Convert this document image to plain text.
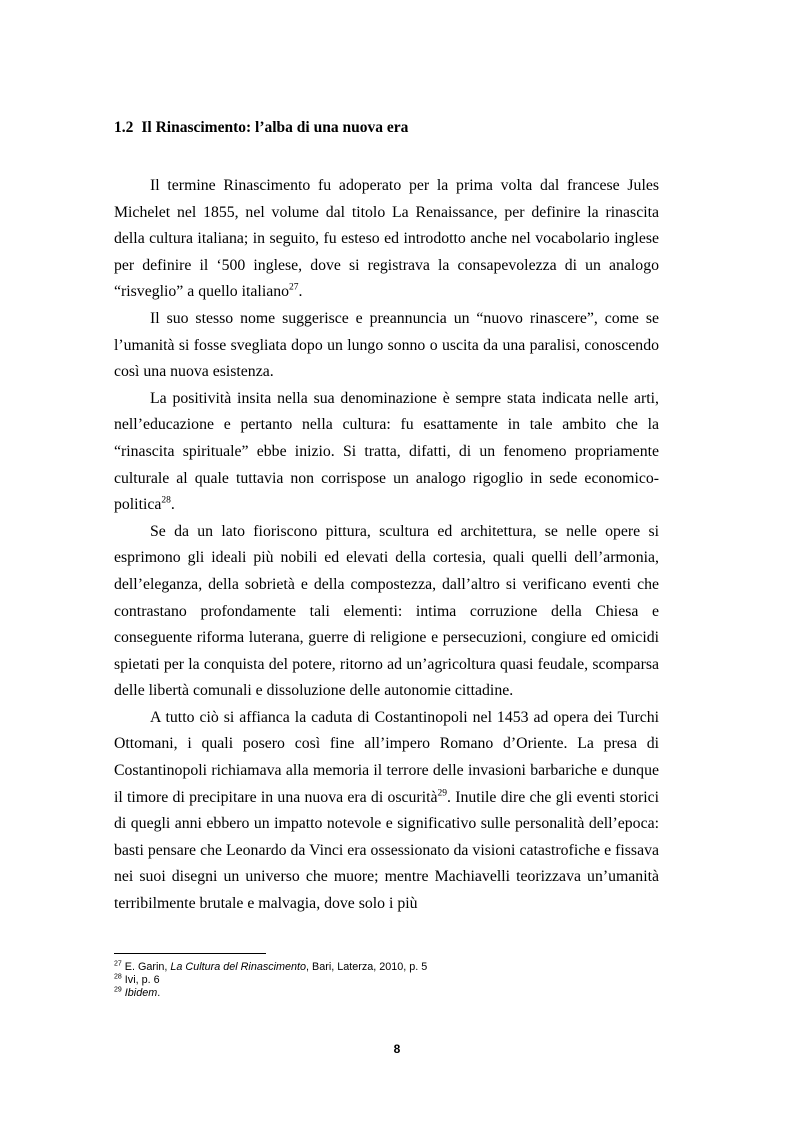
1.2 Il Rinascimento: l’alba di una nuova era

Il termine Rinascimento fu adoperato per la prima volta dal francese Jules Michelet nel 1855, nel volume dal titolo La Renaissance, per definire la rinascita della cultura italiana; in seguito, fu esteso ed introdotto anche nel vocabolario inglese per definire il ‘500 inglese, dove si registrava la consapevolezza di un analogo “risveglio” a quello italiano$^{27}$.

Il suo stesso nome suggerisce e preannuncia un “nuovo rinascere”, come se l’umanità si fosse svegliata dopo un lungo sonno o uscita da una paralisi, conoscendo così una nuova esistenza.

La positività insita nella sua denominazione è sempre stata indicata nelle arti, nell’educazione e pertanto nella cultura: fu esattamente in tale ambito che la “rinascita spirituale” ebbe inizio. Si tratta, difatti, di un fenomeno propriamente culturale al quale tuttavia non corrispose un analogo rigoglio in sede economico-politica$^{28}$.

Se da un lato fioriscono pittura, scultura ed architettura, se nelle opere si esprimono gli ideali più nobili ed elevati della cortesia, quali quelli dell’armonia, dell’eleganza, della sobrietà e della compostezza, dall’altro si verificano eventi che contrastano profondamente tali elementi: intima corruzione della Chiesa e conseguente riforma luterana, guerre di religione e persecuzioni, congiure ed omicidi spietati per la conquista del potere, ritorno ad un’agricoltura quasi feudale, scomparsa delle libertà comunali e dissoluzione delle autonomie cittadine.

A tutto ciò si affianca la caduta di Costantinopoli nel 1453 ad opera dei Turchi Ottomani, i quali posero così fine all’impero Romano d’Oriente. La presa di Costantinopoli richiamava alla memoria il terrore delle invasioni barbariche e dunque il timore di precipitare in una nuova era di oscurità$^{29}$. Inutile dire che gli eventi storici di quegli anni ebbero un impatto notevole e significativo sulle personalità dell’epoca: basti pensare che Leonardo da Vinci era ossessionato da visioni catastrofiche e fissava nei suoi disegni un universo che muore; mentre Machiavelli teorizzava un’umanità terribilmente brutale e malvagia, dove solo i più

$^{27}$ E. Garin, La Cultura del Rinascimento, Bari, Laterza, 2010, p. 5

$^{28}$ Ivi, p. 6

$^{29}$ Ibidem.

8
